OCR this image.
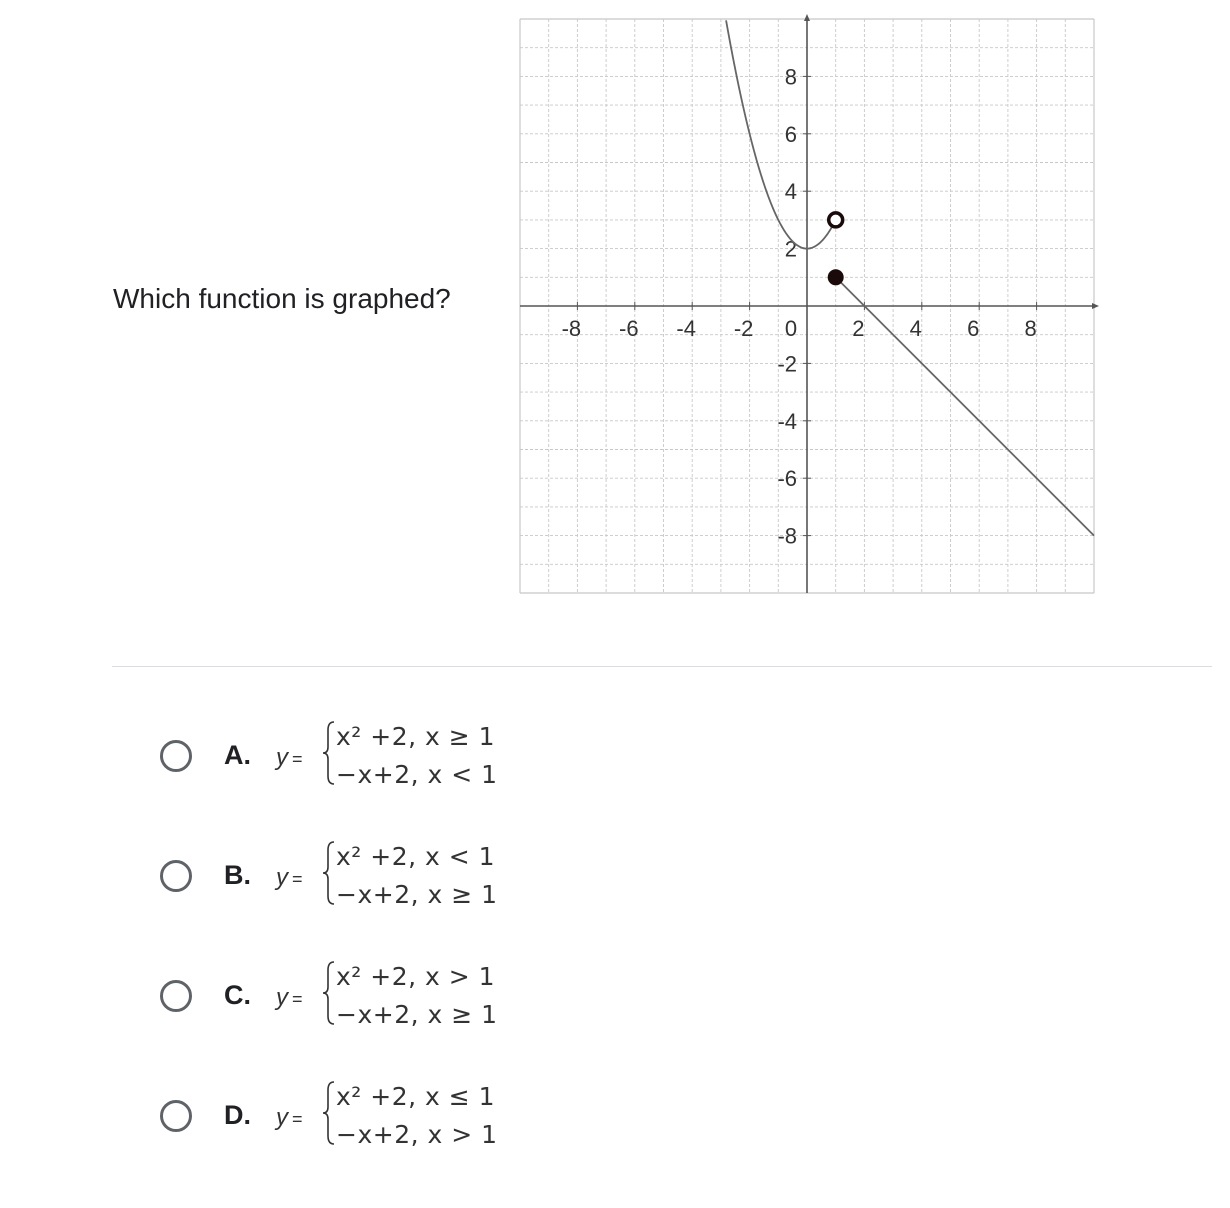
Which function is graphed?
-8 -6 -4 -2 0	2 4 6 8
8
6
4
2
-2
-4
-6
-8
A. y =
x² +2, x ≥ 1
−x+2, x < 1
B. y =
x² +2, x < 1
−x+2, x ≥ 1
C. y =
x² +2, x > 1
−x+2, x ≥ 1
D. y =
x² +2, x ≤ 1
−x+2, x > 1
